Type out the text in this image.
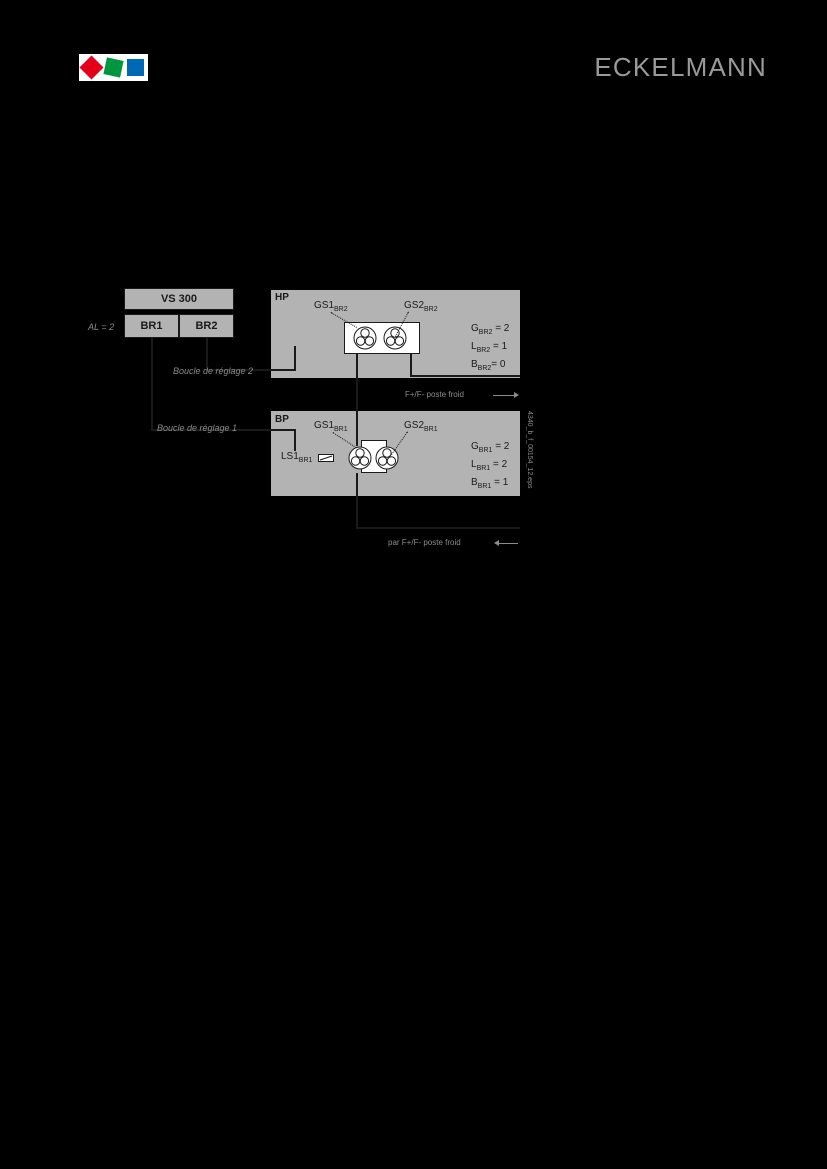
ECKELMANN
VS 300
BR1	BR2
AL = 2
HP
$GS1_{BR2}$	$GS2_{BR2}$
$G_{BR2} = 2$
$L_{BR2} = 1$
$B_{BR2}= 0$
BP
$LS1_{BR1}$
$GS1_{BR1}$	$GS2_{BR1}$
$G_{BR1} = 2$
$L_{BR1} = 2$
$B_{BR1} = 1$
Boucle de réglage 2
Boucle de réglage 1
F+/F- poste froid
par F+/F- poste froid
4340_b_f_00154_12.eps
